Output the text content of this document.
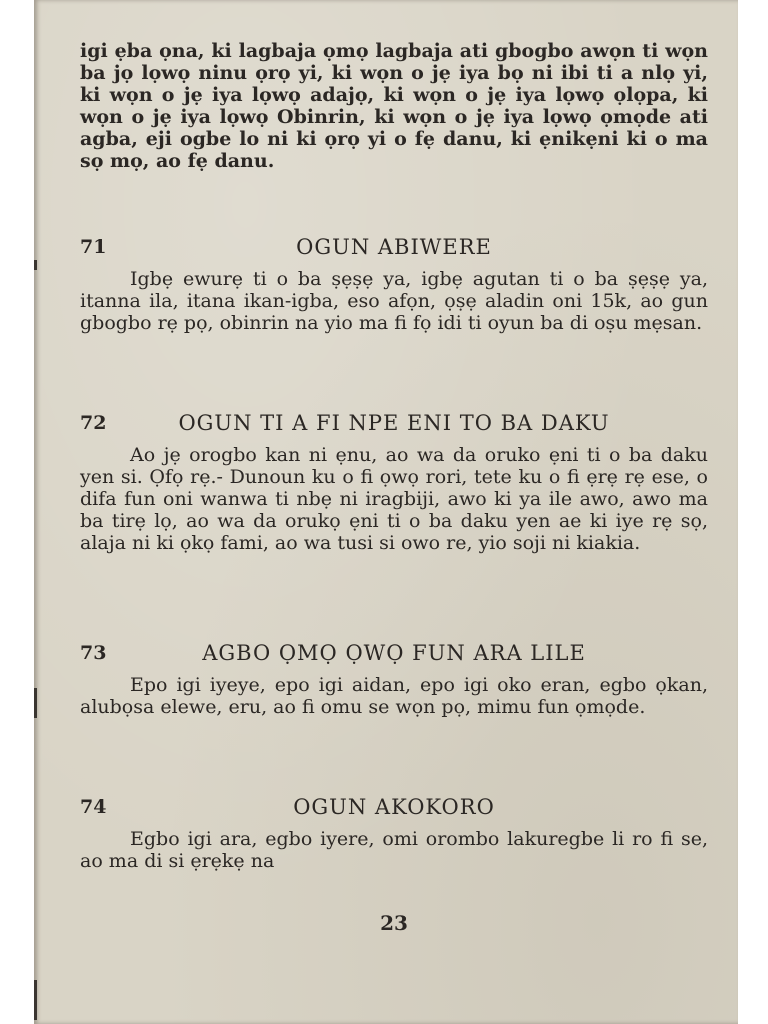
igi ẹba ọna, ki lagbaja ọmọ lagbaja ati gbogbo awọn ti wọn ba jọ lọwọ ninu ọrọ yi, ki wọn o jẹ iya bọ ni ibi ti a nlọ yi, ki wọn o jẹ iya lọwọ adajọ, ki wọn o jẹ iya lọwọ ọlọpa, ki wọn o jẹ iya lọwọ Obinrin, ki wọn o jẹ iya lọwọ ọmọde ati agba, eji ogbe lo ni ki ọrọ yi o fẹ danu, ki ẹnikẹni ki o ma sọ mọ, ao fẹ danu.

71	OGUN ABIWERE

Igbẹ ewurẹ ti o ba ṣẹṣẹ ya, igbẹ agutan ti o ba ṣẹṣẹ ya, itanna ila, itana ikan-igba, eso afọn, ọṣẹ aladin oni 15k, ao gun gbogbo rẹ pọ, obinrin na yio ma fi fọ idi ti oyun ba di oṣu mẹsan.

72	OGUN TI A FI NPE ENI TO BA DAKU

Ao jẹ orogbo kan ni ẹnu, ao wa da oruko ẹni ti o ba daku yen si. Ọfọ rẹ.- Dunoun ku o fi ọwọ rori, tete ku o fi ẹrẹ rẹ ese, o difa fun oni wanwa ti nbẹ ni iragbiji, awo ki ya ile awo, awo ma ba tirẹ lọ, ao wa da orukọ ẹni ti o ba daku yen ae ki iye rẹ sọ, alaja ni ki ọkọ fami, ao wa tusi si owo re, yio soji ni kiakia.

73	AGBO ỌMỌ ỌWỌ FUN ARA LILE

Epo igi iyeye, epo igi aidan, epo igi oko eran, egbo ọkan, alubọsa elewe, eru, ao fi omu se wọn pọ, mimu fun ọmọde.

74	OGUN AKOKORO

Egbo igi ara, egbo iyere, omi orombo lakuregbe li ro fi se, ao ma di si ẹrẹkẹ na

23
